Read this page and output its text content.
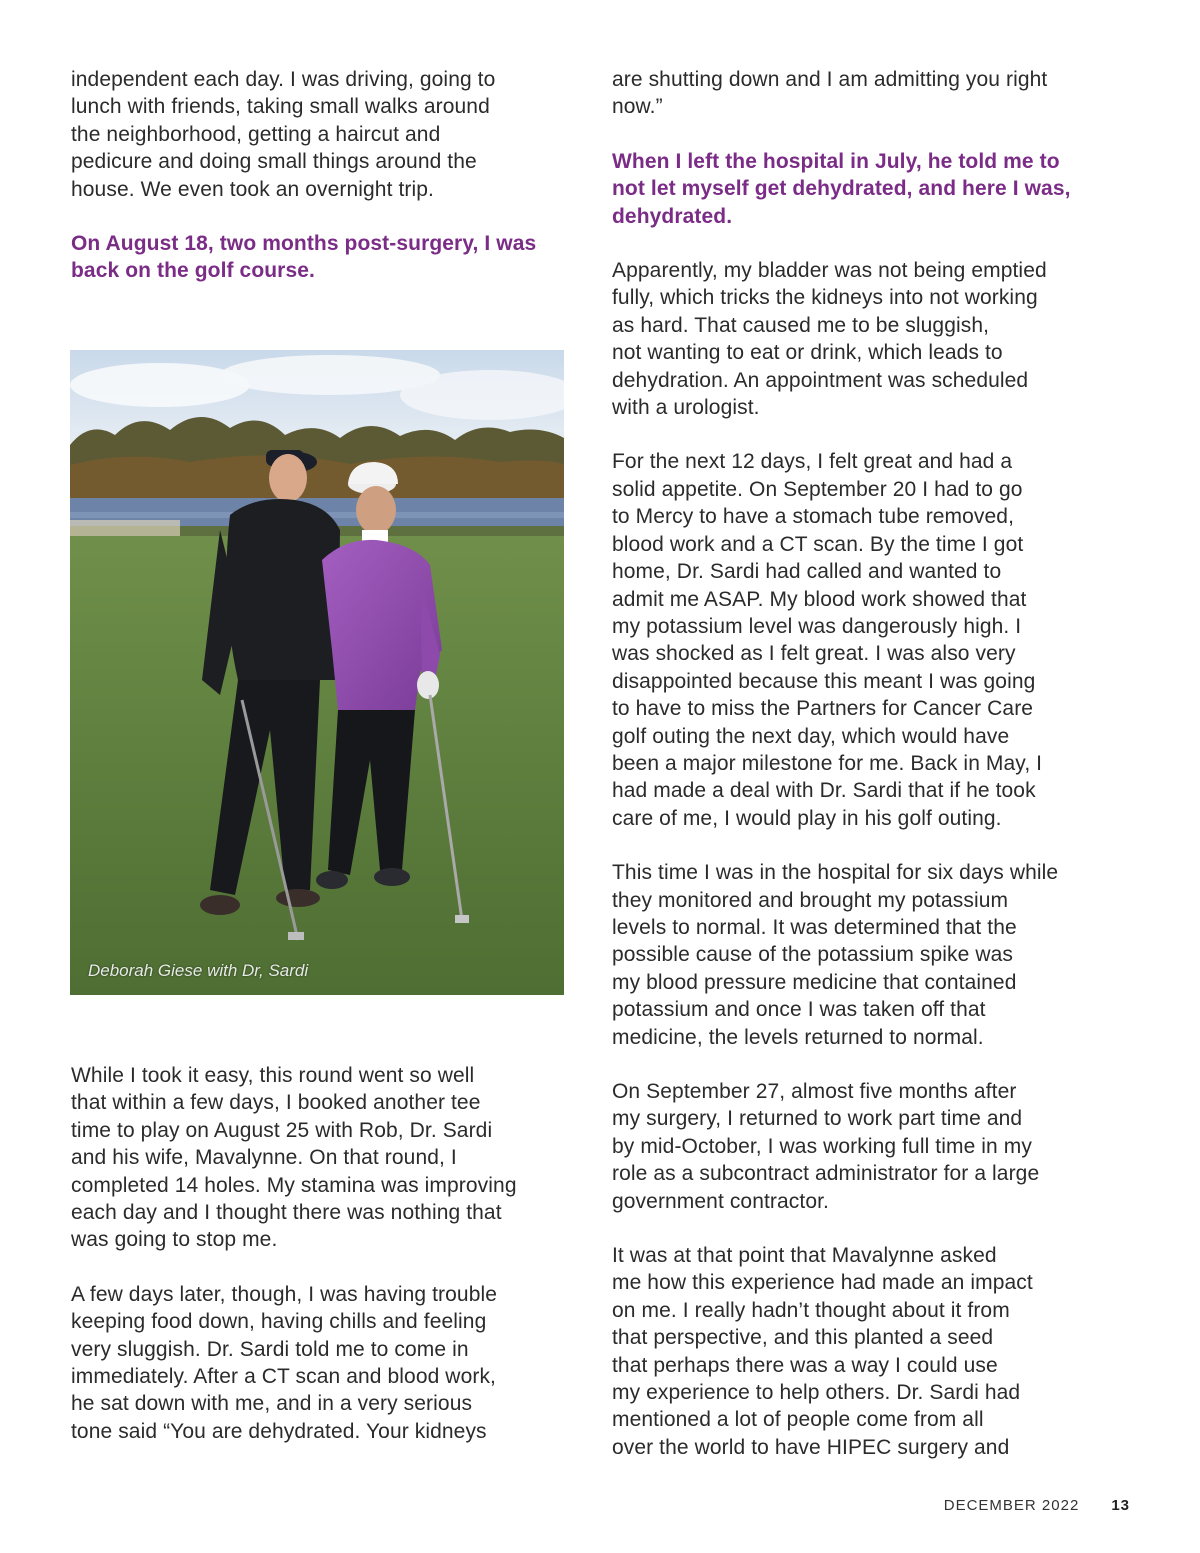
independent each day. I was driving, going to
lunch with friends, taking small walks around
the neighborhood, getting a haircut and
pedicure and doing small things around the
house. We even took an overnight trip.

On August 18, two months post-surgery, I was
back on the golf course.

Deborah Giese with Dr, Sardi

While I took it easy, this round went so well
that within a few days, I booked another tee
time to play on August 25 with Rob, Dr. Sardi
and his wife, Mavalynne. On that round, I
completed 14 holes. My stamina was improving
each day and I thought there was nothing that
was going to stop me.

A few days later, though, I was having trouble
keeping food down, having chills and feeling
very sluggish. Dr. Sardi told me to come in
immediately. After a CT scan and blood work,
he sat down with me, and in a very serious
tone said “You are dehydrated. Your kidneys

are shutting down and I am admitting you right
now.”

When I left the hospital in July, he told me to
not let myself get dehydrated, and here I was,
dehydrated.

Apparently, my bladder was not being emptied
fully, which tricks the kidneys into not working
as hard. That caused me to be sluggish,
not wanting to eat or drink, which leads to
dehydration. An appointment was scheduled
with a urologist.

For the next 12 days, I felt great and had a
solid appetite. On September 20 I had to go
to Mercy to have a stomach tube removed,
blood work and a CT scan. By the time I got
home, Dr. Sardi had called and wanted to
admit me ASAP. My blood work showed that
my potassium level was dangerously high. I
was shocked as I felt great. I was also very
disappointed because this meant I was going
to have to miss the Partners for Cancer Care
golf outing the next day, which would have
been a major milestone for me. Back in May, I
had made a deal with Dr. Sardi that if he took
care of me, I would play in his golf outing.

This time I was in the hospital for six days while
they monitored and brought my potassium
levels to normal. It was determined that the
possible cause of the potassium spike was
my blood pressure medicine that contained
potassium and once I was taken off that
medicine, the levels returned to normal.

On September 27, almost five months after
my surgery, I returned to work part time and
by mid-October, I was working full time in my
role as a subcontract administrator for a large
government contractor.

It was at that point that Mavalynne asked
me how this experience had made an impact
on me. I really hadn’t thought about it from
that perspective, and this planted a seed
that perhaps there was a way I could use
my experience to help others. Dr. Sardi had
mentioned a lot of people come from all
over the world to have HIPEC surgery and

DECEMBER 2022 13
